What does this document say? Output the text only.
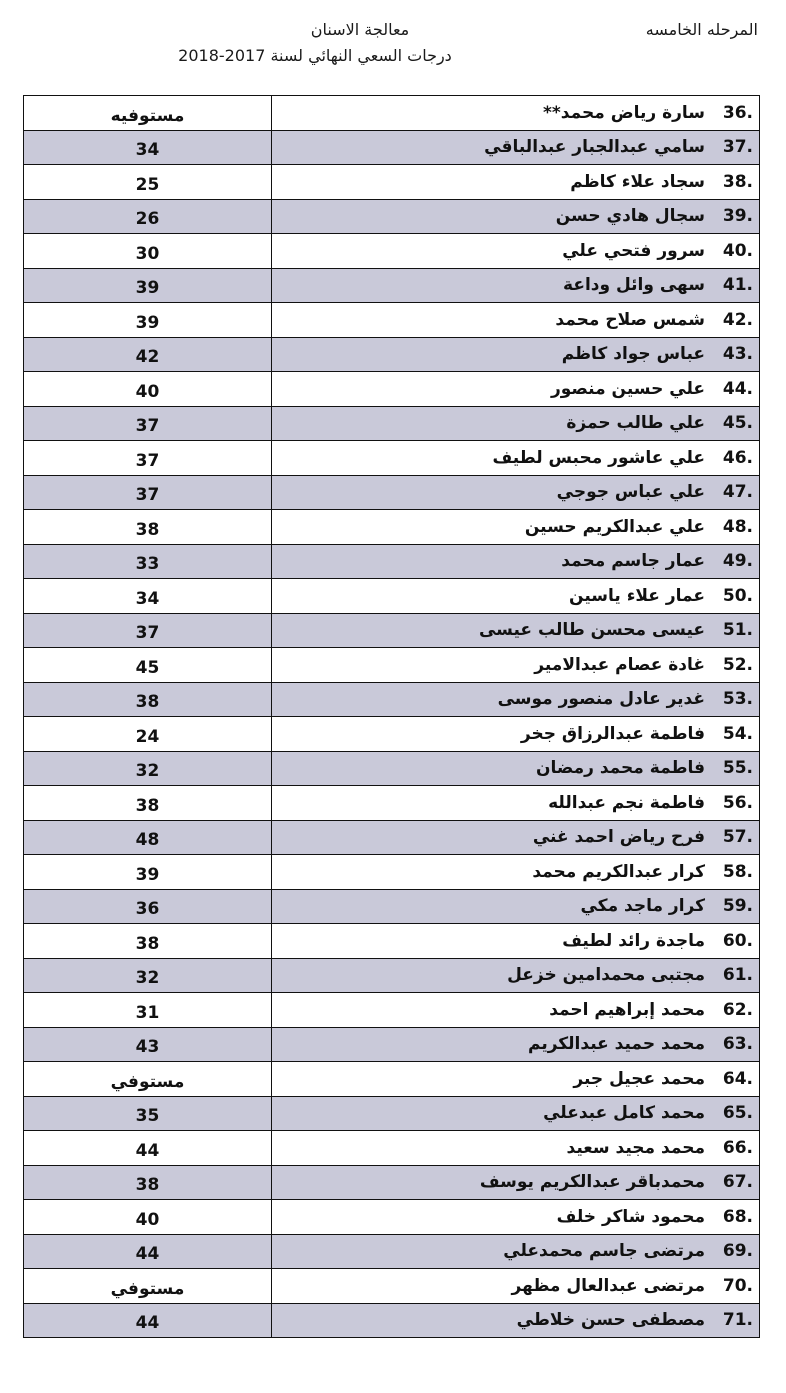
المرحله الخامسه
معالجة الاسنان
درجات السعي النهائي لسنة 2017-2018
مستوفيه	.36سارة رياض محمد**
34	.37سامي عبدالجبار عبدالباقي
25	.38سجاد علاء كاظم
26	.39سجال هادي حسن
30	.40سرور فتحي علي
39	.41سهى وائل وداعة
39	.42شمس صلاح محمد
42	.43عباس جواد كاظم
40	.44علي حسين منصور
37	.45علي طالب حمزة
37	.46علي عاشور محبس لطيف
37	.47علي عباس جوجي
38	.48علي عبدالكريم حسين
33	.49عمار جاسم محمد
34	.50عمار علاء ياسين
37	.51عيسى محسن طالب عيسى
45	.52غادة عصام عبدالامير
38	.53غدير عادل منصور موسى
24	.54فاطمة عبدالرزاق جخر
32	.55فاطمة محمد رمضان
38	.56فاطمة نجم عبدالله
48	.57فرح رياض احمد غني
39	.58كرار عبدالكريم محمد
36	.59كرار ماجد مكي
38	.60ماجدة رائد لطيف
32	.61مجتبى محمدامين خزعل
31	.62محمد إبراهيم احمد
43	.63محمد حميد عبدالكريم
مستوفي	.64محمد عجيل جبر
35	.65محمد كامل عبدعلي
44	.66محمد مجيد سعيد
38	.67محمدباقر عبدالكريم يوسف
40	.68محمود شاكر خلف
44	.69مرتضى جاسم محمدعلي
مستوفي	.70مرتضى عبدالعال مظهر
44	.71مصطفى حسن خلاطي
